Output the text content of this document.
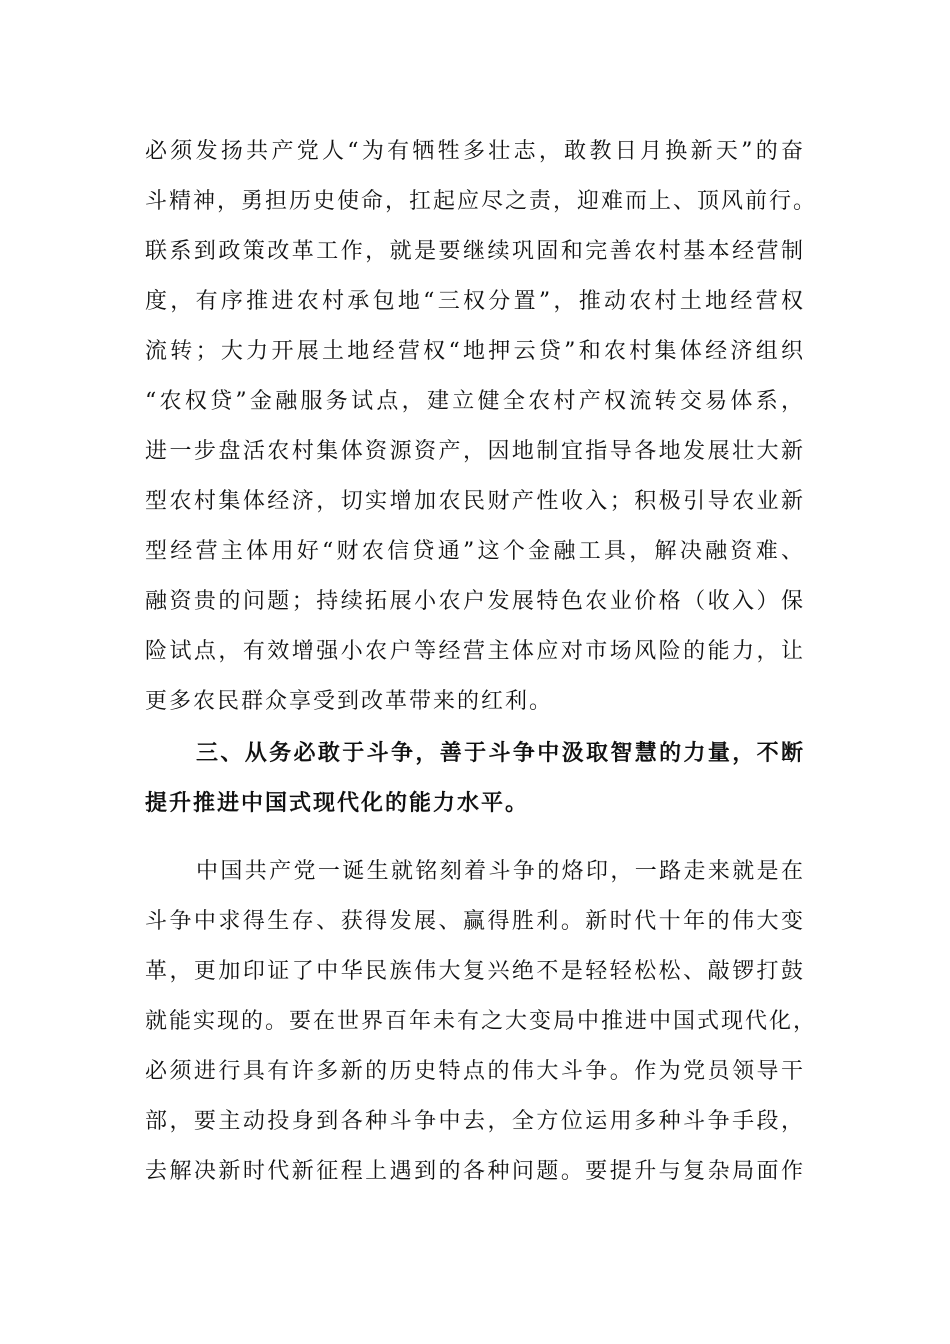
必须发扬共产党人“为有牺牲多壮志，敢教日月换新天”的奋
斗精神，勇担历史使命，扛起应尽之责，迎难而上、顶风前行。
联系到政策改革工作，就是要继续巩固和完善农村基本经营制
度，有序推进农村承包地“三权分置”，推动农村土地经营权
流转；大力开展土地经营权“地押云贷”和农村集体经济组织
“农权贷”金融服务试点，建立健全农村产权流转交易体系，
进一步盘活农村集体资源资产，因地制宜指导各地发展壮大新
型农村集体经济，切实增加农民财产性收入；积极引导农业新
型经营主体用好“财农信贷通”这个金融工具，解决融资难、
融资贵的问题；持续拓展小农户发展特色农业价格（收入）保
险试点，有效增强小农户等经营主体应对市场风险的能力，让
更多农民群众享受到改革带来的红利。
三、从务必敢于斗争，善于斗争中汲取智慧的力量，不断
提升推进中国式现代化的能力水平。
中国共产党一诞生就铭刻着斗争的烙印，一路走来就是在
斗争中求得生存、获得发展、赢得胜利。新时代十年的伟大变
革，更加印证了中华民族伟大复兴绝不是轻轻松松、敲锣打鼓
就能实现的。要在世界百年未有之大变局中推进中国式现代化，
必须进行具有许多新的历史特点的伟大斗争。作为党员领导干
部，要主动投身到各种斗争中去，全方位运用多种斗争手段，
去解决新时代新征程上遇到的各种问题。要提升与复杂局面作
